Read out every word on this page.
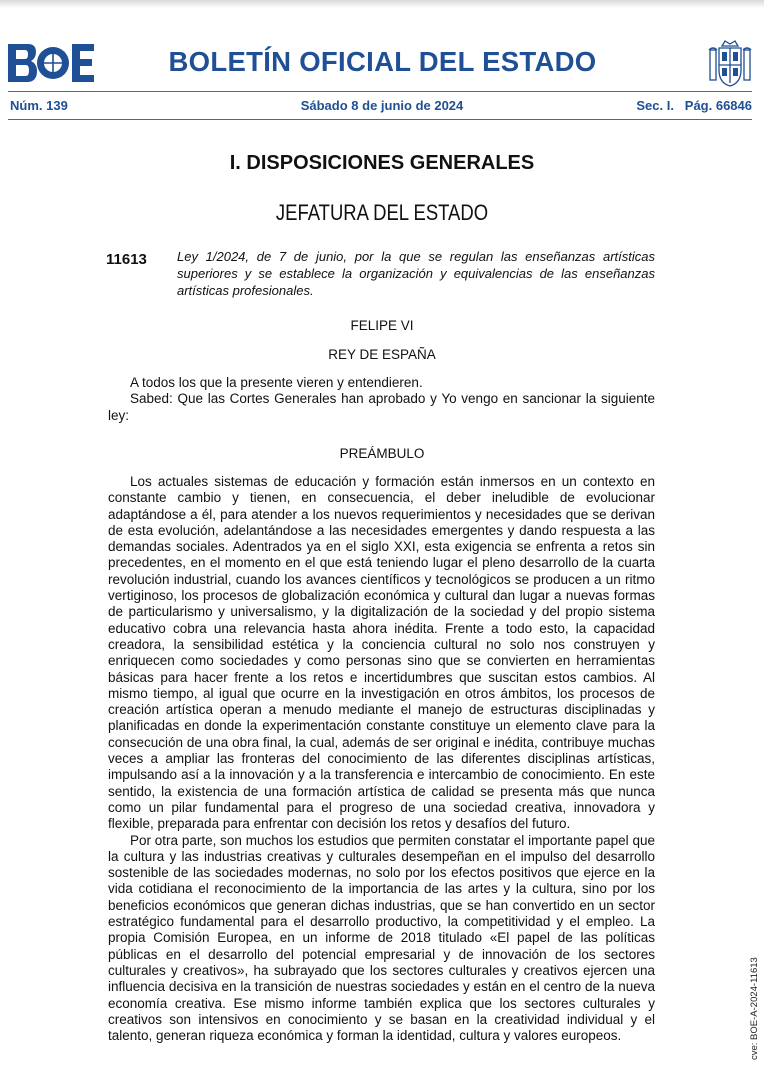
BOLETÍN OFICIAL DEL ESTADO
Núm. 139	Sábado 8 de junio de 2024	Sec. I.   Pág. 66846
I. DISPOSICIONES GENERALES
JEFATURA DEL ESTADO
11613 Ley 1/2024, de 7 de junio, por la que se regulan las enseñanzas artísticas superiores y se establece la organización y equivalencias de las enseñanzas artísticas profesionales.
FELIPE VI
REY DE ESPAÑA

A todos los que la presente vieren y entendieren.

Sabed: Que las Cortes Generales han aprobado y Yo vengo en sancionar la siguiente ley:

PREÁMBULO

Los actuales sistemas de educación y formación están inmersos en un contexto en constante cambio y tienen, en consecuencia, el deber ineludible de evolucionar adaptándose a él, para atender a los nuevos requerimientos y necesidades que se derivan de esta evolución, adelantándose a las necesidades emergentes y dando respuesta a las demandas sociales. Adentrados ya en el siglo XXI, esta exigencia se enfrenta a retos sin precedentes, en el momento en el que está teniendo lugar el pleno desarrollo de la cuarta revolución industrial, cuando los avances científicos y tecnológicos se producen a un ritmo vertiginoso, los procesos de globalización económica y cultural dan lugar a nuevas formas de particularismo y universalismo, y la digitalización de la sociedad y del propio sistema educativo cobra una relevancia hasta ahora inédita. Frente a todo esto, la capacidad creadora, la sensibilidad estética y la conciencia cultural no solo nos construyen y enriquecen como sociedades y como personas sino que se convierten en herramientas básicas para hacer frente a los retos e incertidumbres que suscitan estos cambios. Al mismo tiempo, al igual que ocurre en la investigación en otros ámbitos, los procesos de creación artística operan a menudo mediante el manejo de estructuras disciplinadas y planificadas en donde la experimentación constante constituye un elemento clave para la consecución de una obra final, la cual, además de ser original e inédita, contribuye muchas veces a ampliar las fronteras del conocimiento de las diferentes disciplinas artísticas, impulsando así a la innovación y a la transferencia e intercambio de conocimiento. En este sentido, la existencia de una formación artística de calidad se presenta más que nunca como un pilar fundamental para el progreso de una sociedad creativa, innovadora y flexible, preparada para enfrentar con decisión los retos y desafíos del futuro.

Por otra parte, son muchos los estudios que permiten constatar el importante papel que la cultura y las industrias creativas y culturales desempeñan en el impulso del desarrollo sostenible de las sociedades modernas, no solo por los efectos positivos que ejerce en la vida cotidiana el reconocimiento de la importancia de las artes y la cultura, sino por los beneficios económicos que generan dichas industrias, que se han convertido en un sector estratégico fundamental para el desarrollo productivo, la competitividad y el empleo. La propia Comisión Europea, en un informe de 2018 titulado «El papel de las políticas públicas en el desarrollo del potencial empresarial y de innovación de los sectores culturales y creativos», ha subrayado que los sectores culturales y creativos ejercen una influencia decisiva en la transición de nuestras sociedades y están en el centro de la nueva economía creativa. Ese mismo informe también explica que los sectores culturales y creativos son intensivos en conocimiento y se basan en la creatividad individual y el talento, generan riqueza económica y forman la identidad, cultura y valores europeos.	cve: BOE-A-2024-11613
